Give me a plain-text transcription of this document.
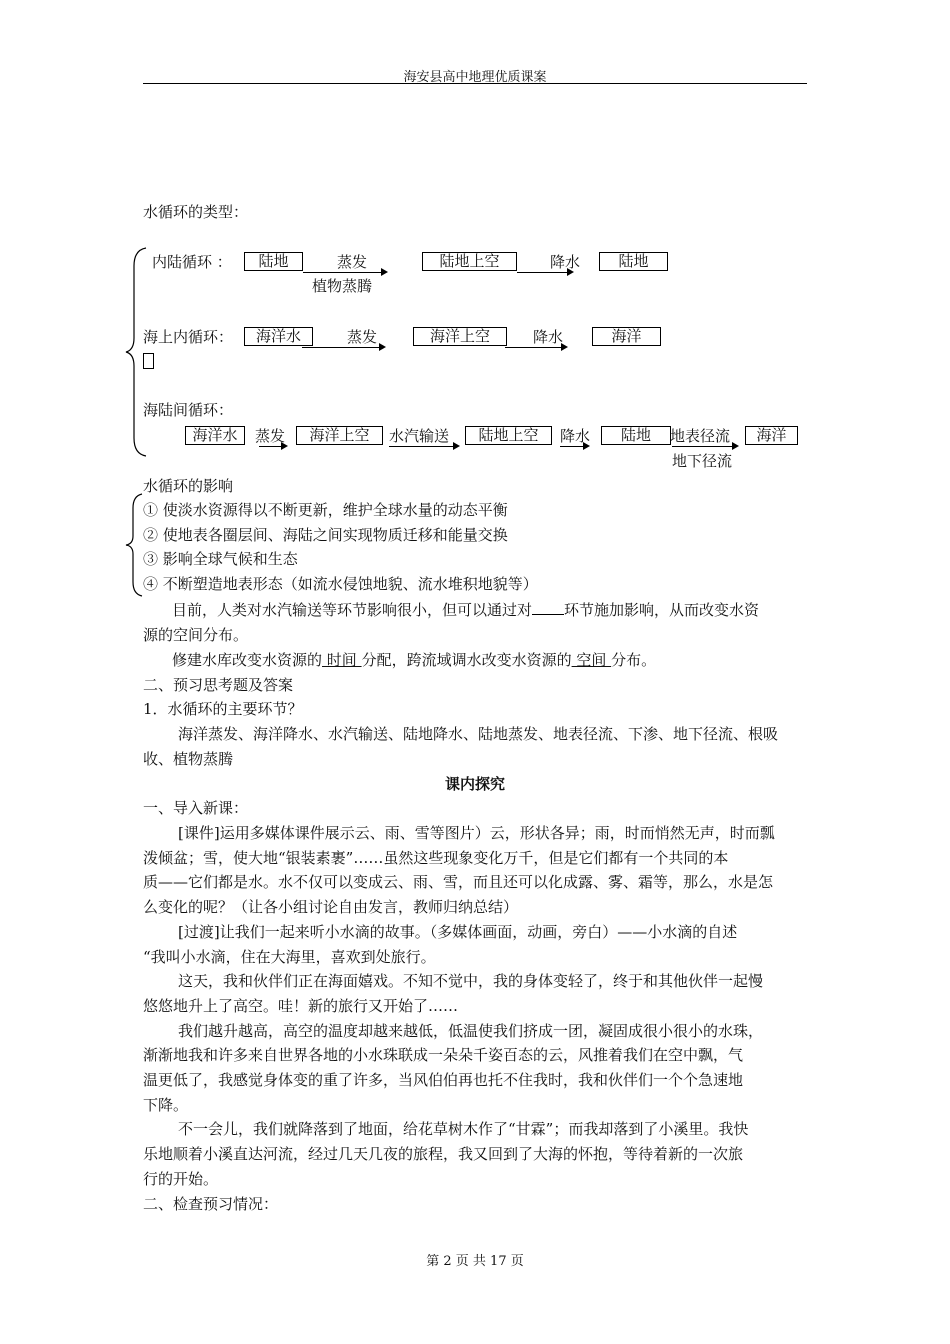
海安县高中地理优质课案
水循环的类型：
内陆循环 ：	陆地	蒸发
植物蒸腾
陆地上空	降水	陆地
海上内循环：	海洋水	蒸发	海洋上空	降水	海洋
海陆间循环：
海洋水	蒸发	海洋上空	水汽输送	陆地上空	降水	陆地	地表径流
地下径流
海洋
水循环的影响
① 使淡水资源得以不断更新，维护全球水量的动态平衡
② 使地表各圈层间、海陆之间实现物质迁移和能量交换
③ 影响全球气候和生态
④ 不断塑造地表形态（如流水侵蚀地貌、流水堆积地貌等）
目前，人类对水汽输送等环节影响很小，但可以通过对 环节施加影响，从而改变水资
源的空间分布。
修建水库改变水资源的 时间 分配，跨流域调水改变水资源的 空间 分布。
二、预习思考题及答案
1．水循环的主要环节？
海洋蒸发、海洋降水、水汽输送、陆地降水、陆地蒸发、地表径流、下渗、地下径流、根吸
收、植物蒸腾
课内探究
一、导入新课：
[课件]运用多媒体课件展示云、雨、雪等图片）云，形状各异；雨，时而悄然无声，时而瓢
泼倾盆；雪，使大地“银装素裹”……虽然这些现象变化万千，但是它们都有一个共同的本
质——它们都是水。水不仅可以变成云、雨、雪，而且还可以化成露、雾、霜等，那么，水是怎
么变化的呢？（让各小组讨论自由发言，教师归纳总结）
[过渡]让我们一起来听小水滴的故事。（多媒体画面，动画，旁白）——小水滴的自述
“我叫小水滴，住在大海里，喜欢到处旅行。
这天，我和伙伴们正在海面嬉戏。不知不觉中，我的身体变轻了，终于和其他伙伴一起慢
悠悠地升上了高空。哇！新的旅行又开始了……
我们越升越高，高空的温度却越来越低，低温使我们挤成一团，凝固成很小很小的水珠，
渐渐地我和许多来自世界各地的小水珠联成一朵朵千姿百态的云，风推着我们在空中飘，气
温更低了，我感觉身体变的重了许多，当风伯伯再也托不住我时，我和伙伴们一个个急速地
下降。
不一会儿，我们就降落到了地面，给花草树木作了“甘霖”；而我却落到了小溪里。我快
乐地顺着小溪直达河流，经过几天几夜的旅程，我又回到了大海的怀抱，等待着新的一次旅
行的开始。
二、检查预习情况：
第 2 页 共 17 页
